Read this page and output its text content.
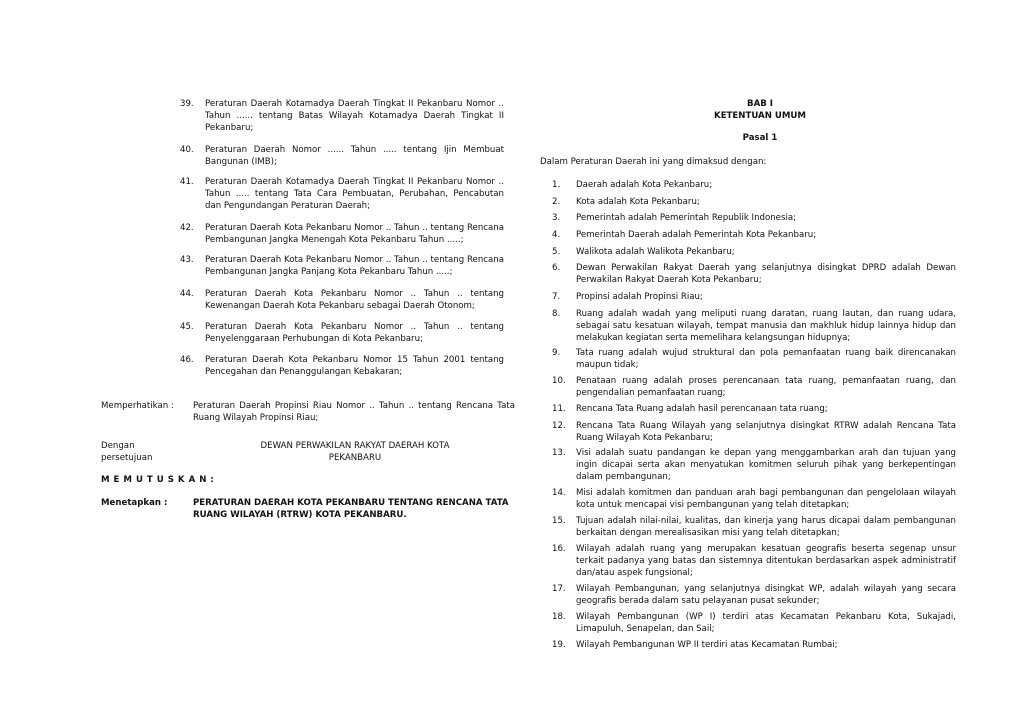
39. Peraturan Daerah Kotamadya Daerah Tingkat II Pekanbaru Nomor .. Tahun ...... tentang Batas Wilayah Kotamadya Daerah Tingkat II Pekanbaru;
40. Peraturan Daerah Nomor ...... Tahun ..... tentang Ijin Membuat Bangunan (IMB);
41. Peraturan Daerah Kotamadya Daerah Tingkat II Pekanbaru Nomor .. Tahun ..... tentang Tata Cara Pembuatan, Perubahan, Pencabutan dan Pengundangan Peraturan Daerah;
42. Peraturan Daerah Kota Pekanbaru Nomor .. Tahun .. tentang Rencana Pembangunan Jangka Menengah Kota Pekanbaru Tahun .....;
43. Peraturan Daerah Kota Pekanbaru Nomor .. Tahun .. tentang Rencana Pembangunan Jangka Panjang Kota Pekanbaru Tahun .....;
44. Peraturan Daerah Kota Pekanbaru Nomor .. Tahun .. tentang Kewenangan Daerah Kota Pekanbaru sebagai Daerah Otonom;
45. Peraturan Daerah Kota Pekanbaru Nomor .. Tahun .. tentang Penyelenggaraan Perhubungan di Kota Pekanbaru;
46. Peraturan Daerah Kota Pekanbaru Nomor 15 Tahun 2001 tentang Pencegahan dan Penanggulangan Kebakaran;
Memperhatikan : Peraturan Daerah Propinsi Riau Nomor .. Tahun .. tentang Rencana Tata Ruang Wilayah Propinsi Riau;
Dengan
persetujuan
DEWAN PERWAKILAN RAKYAT DAERAH KOTA
PEKANBARU
M E M U T U S K A N :
Menetapkan :	PERATURAN DAERAH KOTA PEKANBARU TENTANG RENCANA TATA RUANG WILAYAH (RTRW) KOTA PEKANBARU.
BAB I
KETENTUAN UMUM
Pasal 1
Dalam Peraturan Daerah ini yang dimaksud dengan:
1. Daerah adalah Kota Pekanbaru;
2. Kota adalah Kota Pekanbaru;
3. Pemerintah adalah Pemerintah Republik Indonesia;
4. Pemerintah Daerah adalah Pemerintah Kota Pekanbaru;
5. Walikota adalah Walikota Pekanbaru;
6. Dewan Perwakilan Rakyat Daerah yang selanjutnya disingkat DPRD adalah Dewan Perwakilan Rakyat Daerah Kota Pekanbaru;
7. Propinsi adalah Propinsi Riau;
8. Ruang adalah wadah yang meliputi ruang daratan, ruang lautan, dan ruang udara, sebagai satu kesatuan wilayah, tempat manusia dan makhluk hidup lainnya hidup dan melakukan kegiatan serta memelihara kelangsungan hidupnya;
9. Tata ruang adalah wujud struktural dan pola pemanfaatan ruang baik direncanakan maupun tidak;
10. Penataan ruang adalah proses perencanaan tata ruang, pemanfaatan ruang, dan pengendalian pemanfaatan ruang;
11. Rencana Tata Ruang adalah hasil perencanaan tata ruang;
12. Rencana Tata Ruang Wilayah yang selanjutnya disingkat RTRW adalah Rencana Tata Ruang Wilayah Kota Pekanbaru;
13. Visi adalah suatu pandangan ke depan yang menggambarkan arah dan tujuan yang ingin dicapai serta akan menyatukan komitmen seluruh pihak yang berkepentingan dalam pembangunan;
14. Misi adalah komitmen dan panduan arah bagi pembangunan dan pengelolaan wilayah kota untuk mencapai visi pembangunan yang telah ditetapkan;
15. Tujuan adalah nilai-nilai, kualitas, dan kinerja yang harus dicapai dalam pembangunan berkaitan dengan merealisasikan misi yang telah ditetapkan;
16. Wilayah adalah ruang yang merupakan kesatuan geografis beserta segenap unsur terkait padanya yang batas dan sistemnya ditentukan berdasarkan aspek administratif dan/atau aspek fungsional;
17. Wilayah Pembangunan, yang selanjutnya disingkat WP, adalah wilayah yang secara geografis berada dalam satu pelayanan pusat sekunder;
18. Wilayah Pembangunan (WP I) terdiri atas Kecamatan Pekanbaru Kota, Sukajadi, Limapuluh, Senapelan, dan Sail;
19. Wilayah Pembangunan WP II terdiri atas Kecamatan Rumbai;
